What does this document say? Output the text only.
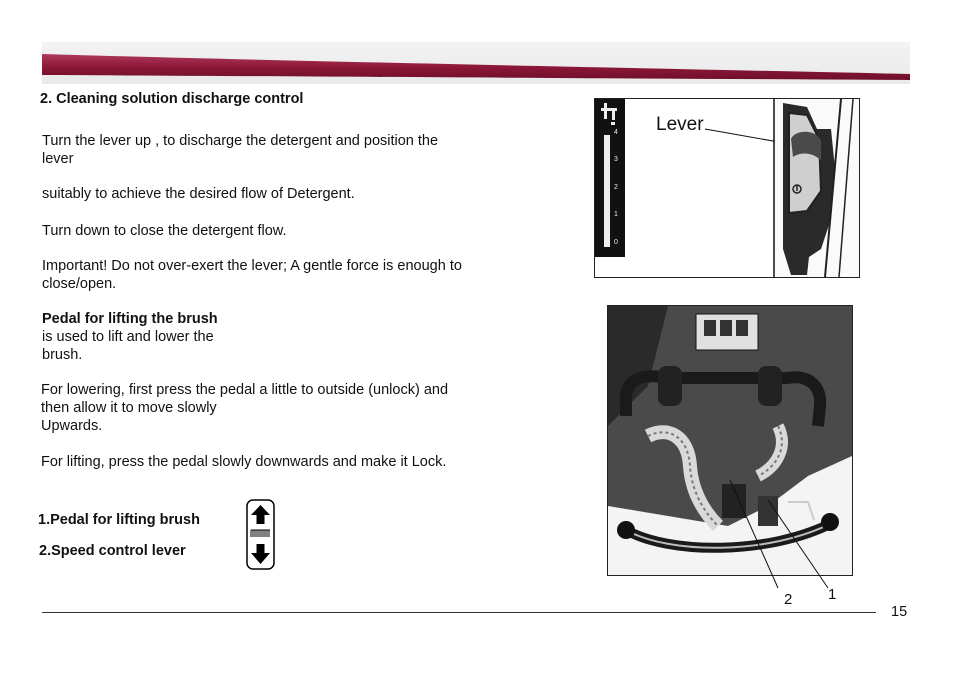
2. Cleaning solution discharge control
Turn the lever up , to discharge the detergent and position the
lever
suitably to achieve the desired flow of Detergent.
Turn down to close the detergent flow.
Important! Do not over-exert the lever; A gentle force is enough to
close/open.
Pedal for lifting the brush
is used to lift and lower the
brush.
For lowering, first press the pedal a little to outside (unlock) and
then allow it to move slowly
Upwards.
For lifting, press the pedal slowly downwards and make it Lock.
1.Pedal for lifting brush
2.Speed control lever
4
3
2
1
0
Lever
2 1
15
